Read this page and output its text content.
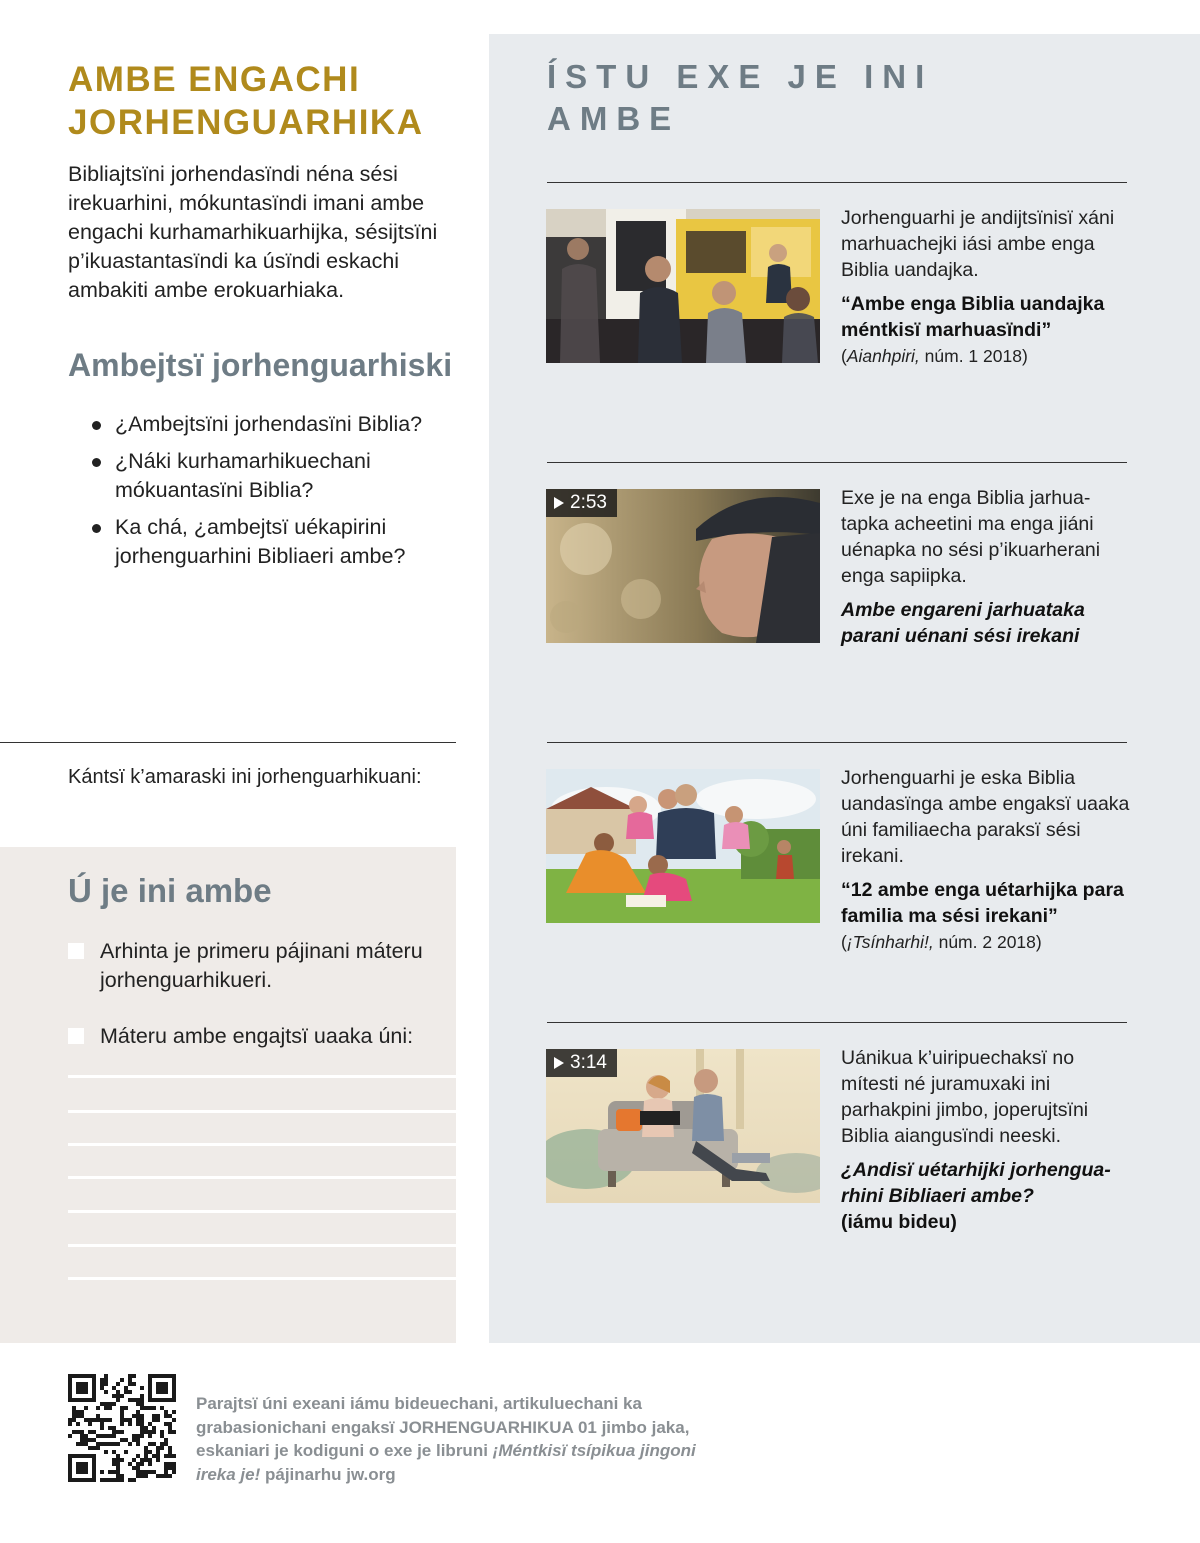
AMBE ENGACHI JORHENGUARHIKA

Bibliajtsïni jorhendasïndi néna sési irekuarhini, mókuntasïndi imani ambe engachi kurhamarhikuarhijka, sésijtsïni p’ikuastantasïndi ka úsïndi eskachi ambakiti ambe erokuarhiaka.

Ambejtsï jorhenguarhiski
¿Ambejtsïni jorhendasïni Biblia?
¿Náki kurhamarhikuechani mókuantasïni Biblia?
Ka chá, ¿ambejtsï uékapirini jorhenguarhini Bibliaeri ambe?

Kántsï k’amaraski ini jorhenguarhikuani:

Ú je ini ambe
Arhinta je primeru pájinani máteru jorhenguarhikueri.
Máteru ambe engajtsï uaaka úni:
ÍSTU EXE JE INI AMBE

Jorhenguarhi je andijtsïnisï xáni marhuachejki iási ambe enga Biblia uandajka.

“Ambe enga Biblia uandajka méntkisï marhuasïndi”

(Aianhpiri, núm. 1 2018)

2:53	Exe je na enga Biblia jarhuatapka acheetini ma enga jiáni uénapka no sési p’ikuarherani enga sapiipka.

Ambe engareni jarhuataka parani uénani sési irekani

Jorhenguarhi je eska Biblia uandasïnga ambe engaksï uaaka úni familiaecha paraksï sési irekani.

“12 ambe enga uétarhijka para familia ma sési irekani”

(¡Tsínharhi!, núm. 2 2018)

3:14	Uánikua k’uiripuechaksï no mítesti né juramuxaki ini parhakpini jimbo, joperujtsïni Biblia aiangusïndi neeski.

¿Andisï uétarhijki jorhenguarhini Bibliaeri ambe?

(iámu bideu)

Parajtsï úni exeani iámu bideuechani, artikuluechani ka grabasionichani engaksï JORHENGUARHIKUA 01 jimbo jaka, eskaniari je kodiguni o exe je libruni ¡Méntkisï tsípikua jingoni ireka je! pájinarhu jw.org
